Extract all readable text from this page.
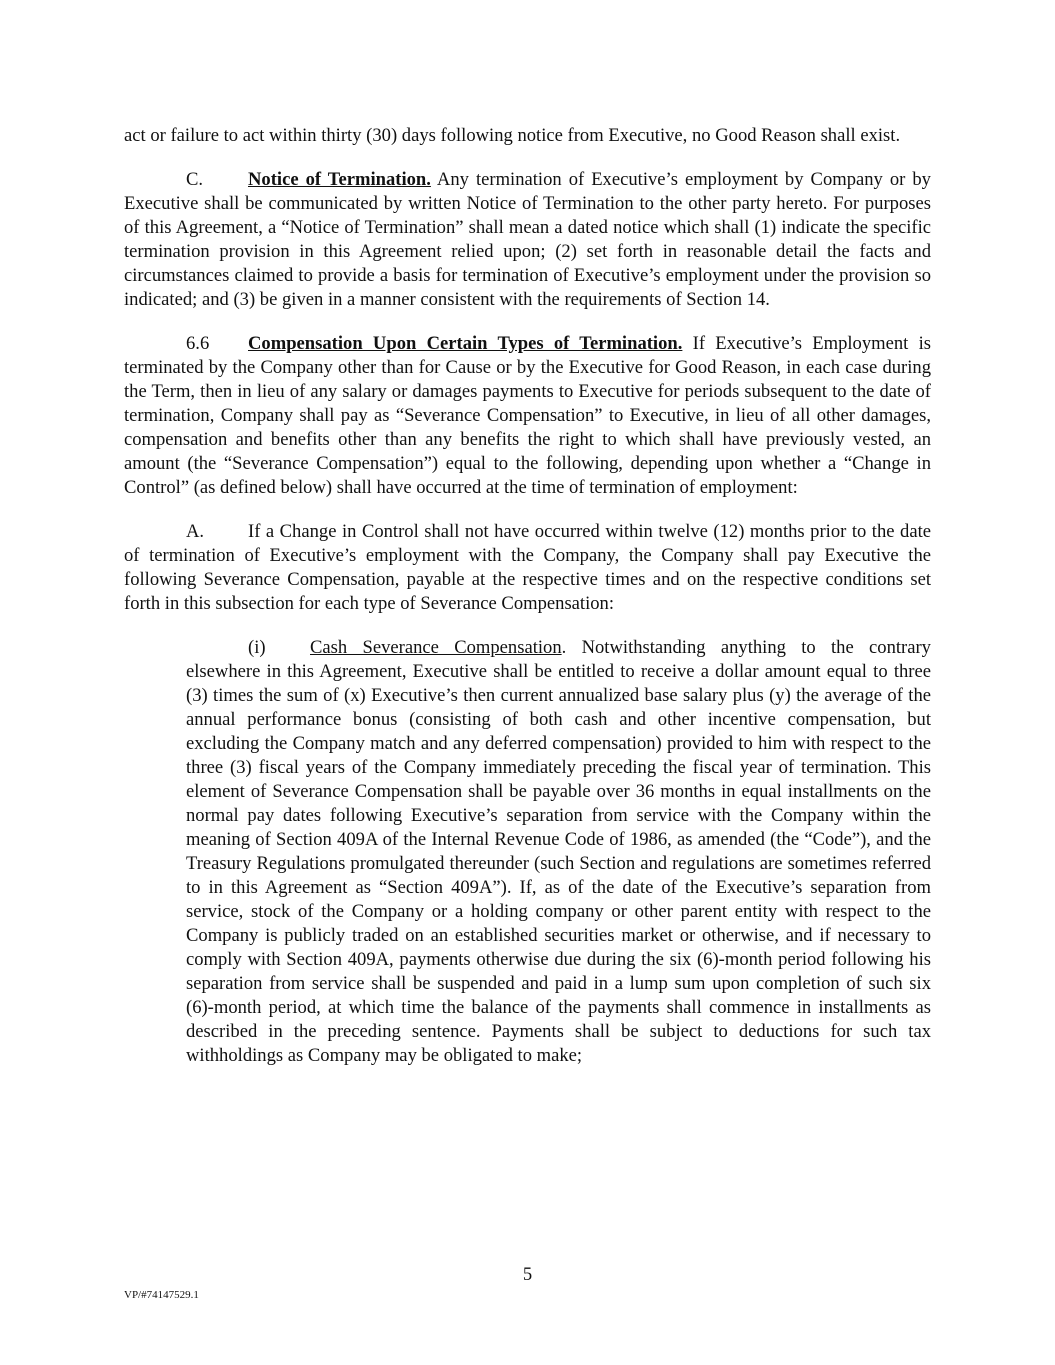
act or failure to act within thirty (30) days following notice from Executive, no Good Reason shall exist.

C. Notice of Termination. Any termination of Executive’s employment by Company or by Executive shall be communicated by written Notice of Termination to the other party hereto. For purposes of this Agreement, a “Notice of Termination” shall mean a dated notice which shall (1) indicate the specific termination provision in this Agreement relied upon; (2) set forth in reasonable detail the facts and circumstances claimed to provide a basis for termination of Executive’s employment under the provision so indicated; and (3) be given in a manner consistent with the requirements of Section 14.

6.6 Compensation Upon Certain Types of Termination. If Executive’s Employment is terminated by the Company other than for Cause or by the Executive for Good Reason, in each case during the Term, then in lieu of any salary or damages payments to Executive for periods subsequent to the date of termination, Company shall pay as “Severance Compensation” to Executive, in lieu of all other damages, compensation and benefits other than any benefits the right to which shall have previously vested, an amount (the “Severance Compensation”) equal to the following, depending upon whether a “Change in Control” (as defined below) shall have occurred at the time of termination of employment:

A. If a Change in Control shall not have occurred within twelve (12) months prior to the date of termination of Executive’s employment with the Company, the Company shall pay Executive the following Severance Compensation, payable at the respective times and on the respective conditions set forth in this subsection for each type of Severance Compensation:

(i) Cash Severance Compensation. Notwithstanding anything to the contrary elsewhere in this Agreement, Executive shall be entitled to receive a dollar amount equal to three (3) times the sum of (x) Executive’s then current annualized base salary plus (y) the average of the annual performance bonus (consisting of both cash and other incentive compensation, but excluding the Company match and any deferred compensation) provided to him with respect to the three (3) fiscal years of the Company immediately preceding the fiscal year of termination. This element of Severance Compensation shall be payable over 36 months in equal installments on the normal pay dates following Executive’s separation from service with the Company within the meaning of Section 409A of the Internal Revenue Code of 1986, as amended (the “Code”), and the Treasury Regulations promulgated thereunder (such Section and regulations are sometimes referred to in this Agreement as “Section 409A”). If, as of the date of the Executive’s separation from service, stock of the Company or a holding company or other parent entity with respect to the Company is publicly traded on an established securities market or otherwise, and if necessary to comply with Section 409A, payments otherwise due during the six (6)-month period following his separation from service shall be suspended and paid in a lump sum upon completion of such six (6)-month period, at which time the balance of the payments shall commence in installments as described in the preceding sentence. Payments shall be subject to deductions for such tax withholdings as Company may be obligated to make;

5
VP/#74147529.1
